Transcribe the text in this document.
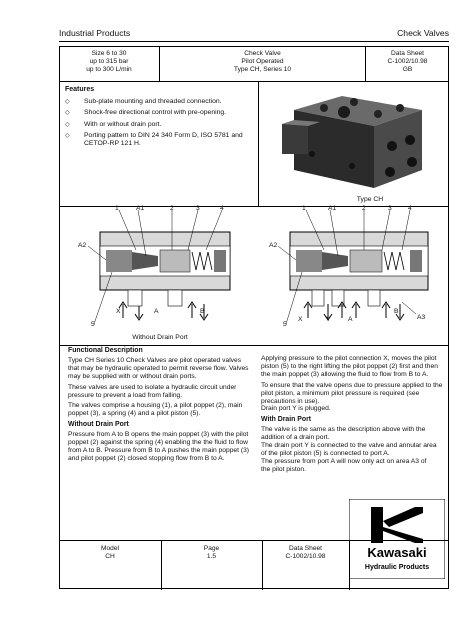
Industrial Products	Check Valves
Size 6 to 30
up to 315 bar
up to 300 L/min
Check Valve
Pilot Operated
Type CH, Series 10
Data Sheet
C-1002/10.98
GB
Features
◇ Sub-plate mounting and threaded connection.
◇ Shock-free directional control with pre-opening.
◇ With or without drain port.
◇ Porting pattern to DIN 24 340 Form D, ISO 5781 and CETOP-RP 121 H.
Type CH
1	A1	2	3	4
A2
X	A	B
5
Without Drain Port
1	A1	2	3 4
A2
X	Y	A
B
5
A3
Functional Description

Type CH Series 10 Check Valves are pilot operated valves that may be hydraulic operated to permit reverse flow. Valves may be supplied with or without drain ports.

These valves are used to isolate a hydraulic circuit under pressure to prevent a load from falling.

The valves comprise a housing (1), a pilot poppet (2), main poppet (3), a spring (4) and a pilot piston (5).

Without Drain Port

Pressure from A to B opens the main poppet (3) with the pilot poppet (2) against the spring (4) enabling the the fluid to flow from A to B. Pressure from B to A pushes the main poppet (3) and pilot poppet (2) closed stopping flow from B to A.

Applying pressure to the pilot connection X, moves the pilot piston (5) to the right lifting the pilot poppet (2) first and then the main poppet (3) allowing the fluid to flow from B to A.

To ensure that the valve opens due to pressure applied to the pilot piston, a minimum pilot pressure is required (see precautions in use).

Drain port Y is plugged.

With Drain Port

The valve is the same as the description above with the addition of a drain port.

The drain port Y is connected to the valve and annular area of the pilot piston (5) is connected to port A.

The pressure from port A will now only act on area A3 of the pilot piston.

Kawasaki
Hydraulic Products
Model
CH
Page
1.5
Data Sheet
C-1002/10.98
